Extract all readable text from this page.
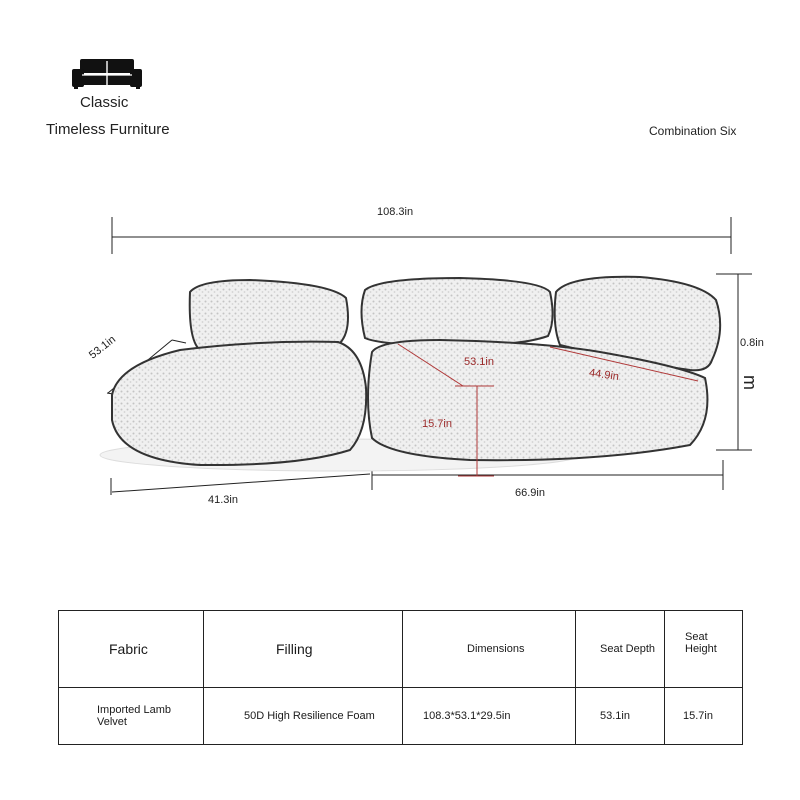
Classic
Timeless Furniture	Combination Six
108.3in
53.1in	0.8in
m
41.3in
66.9in
53.1in
44.9in
15.7in
Fabric	Filling	Dimensions	Seat Depth	Seat Height
Imported Lamb Velvet	50D High Resilience Foam	108.3*53.1*29.5in	53.1in	15.7in
